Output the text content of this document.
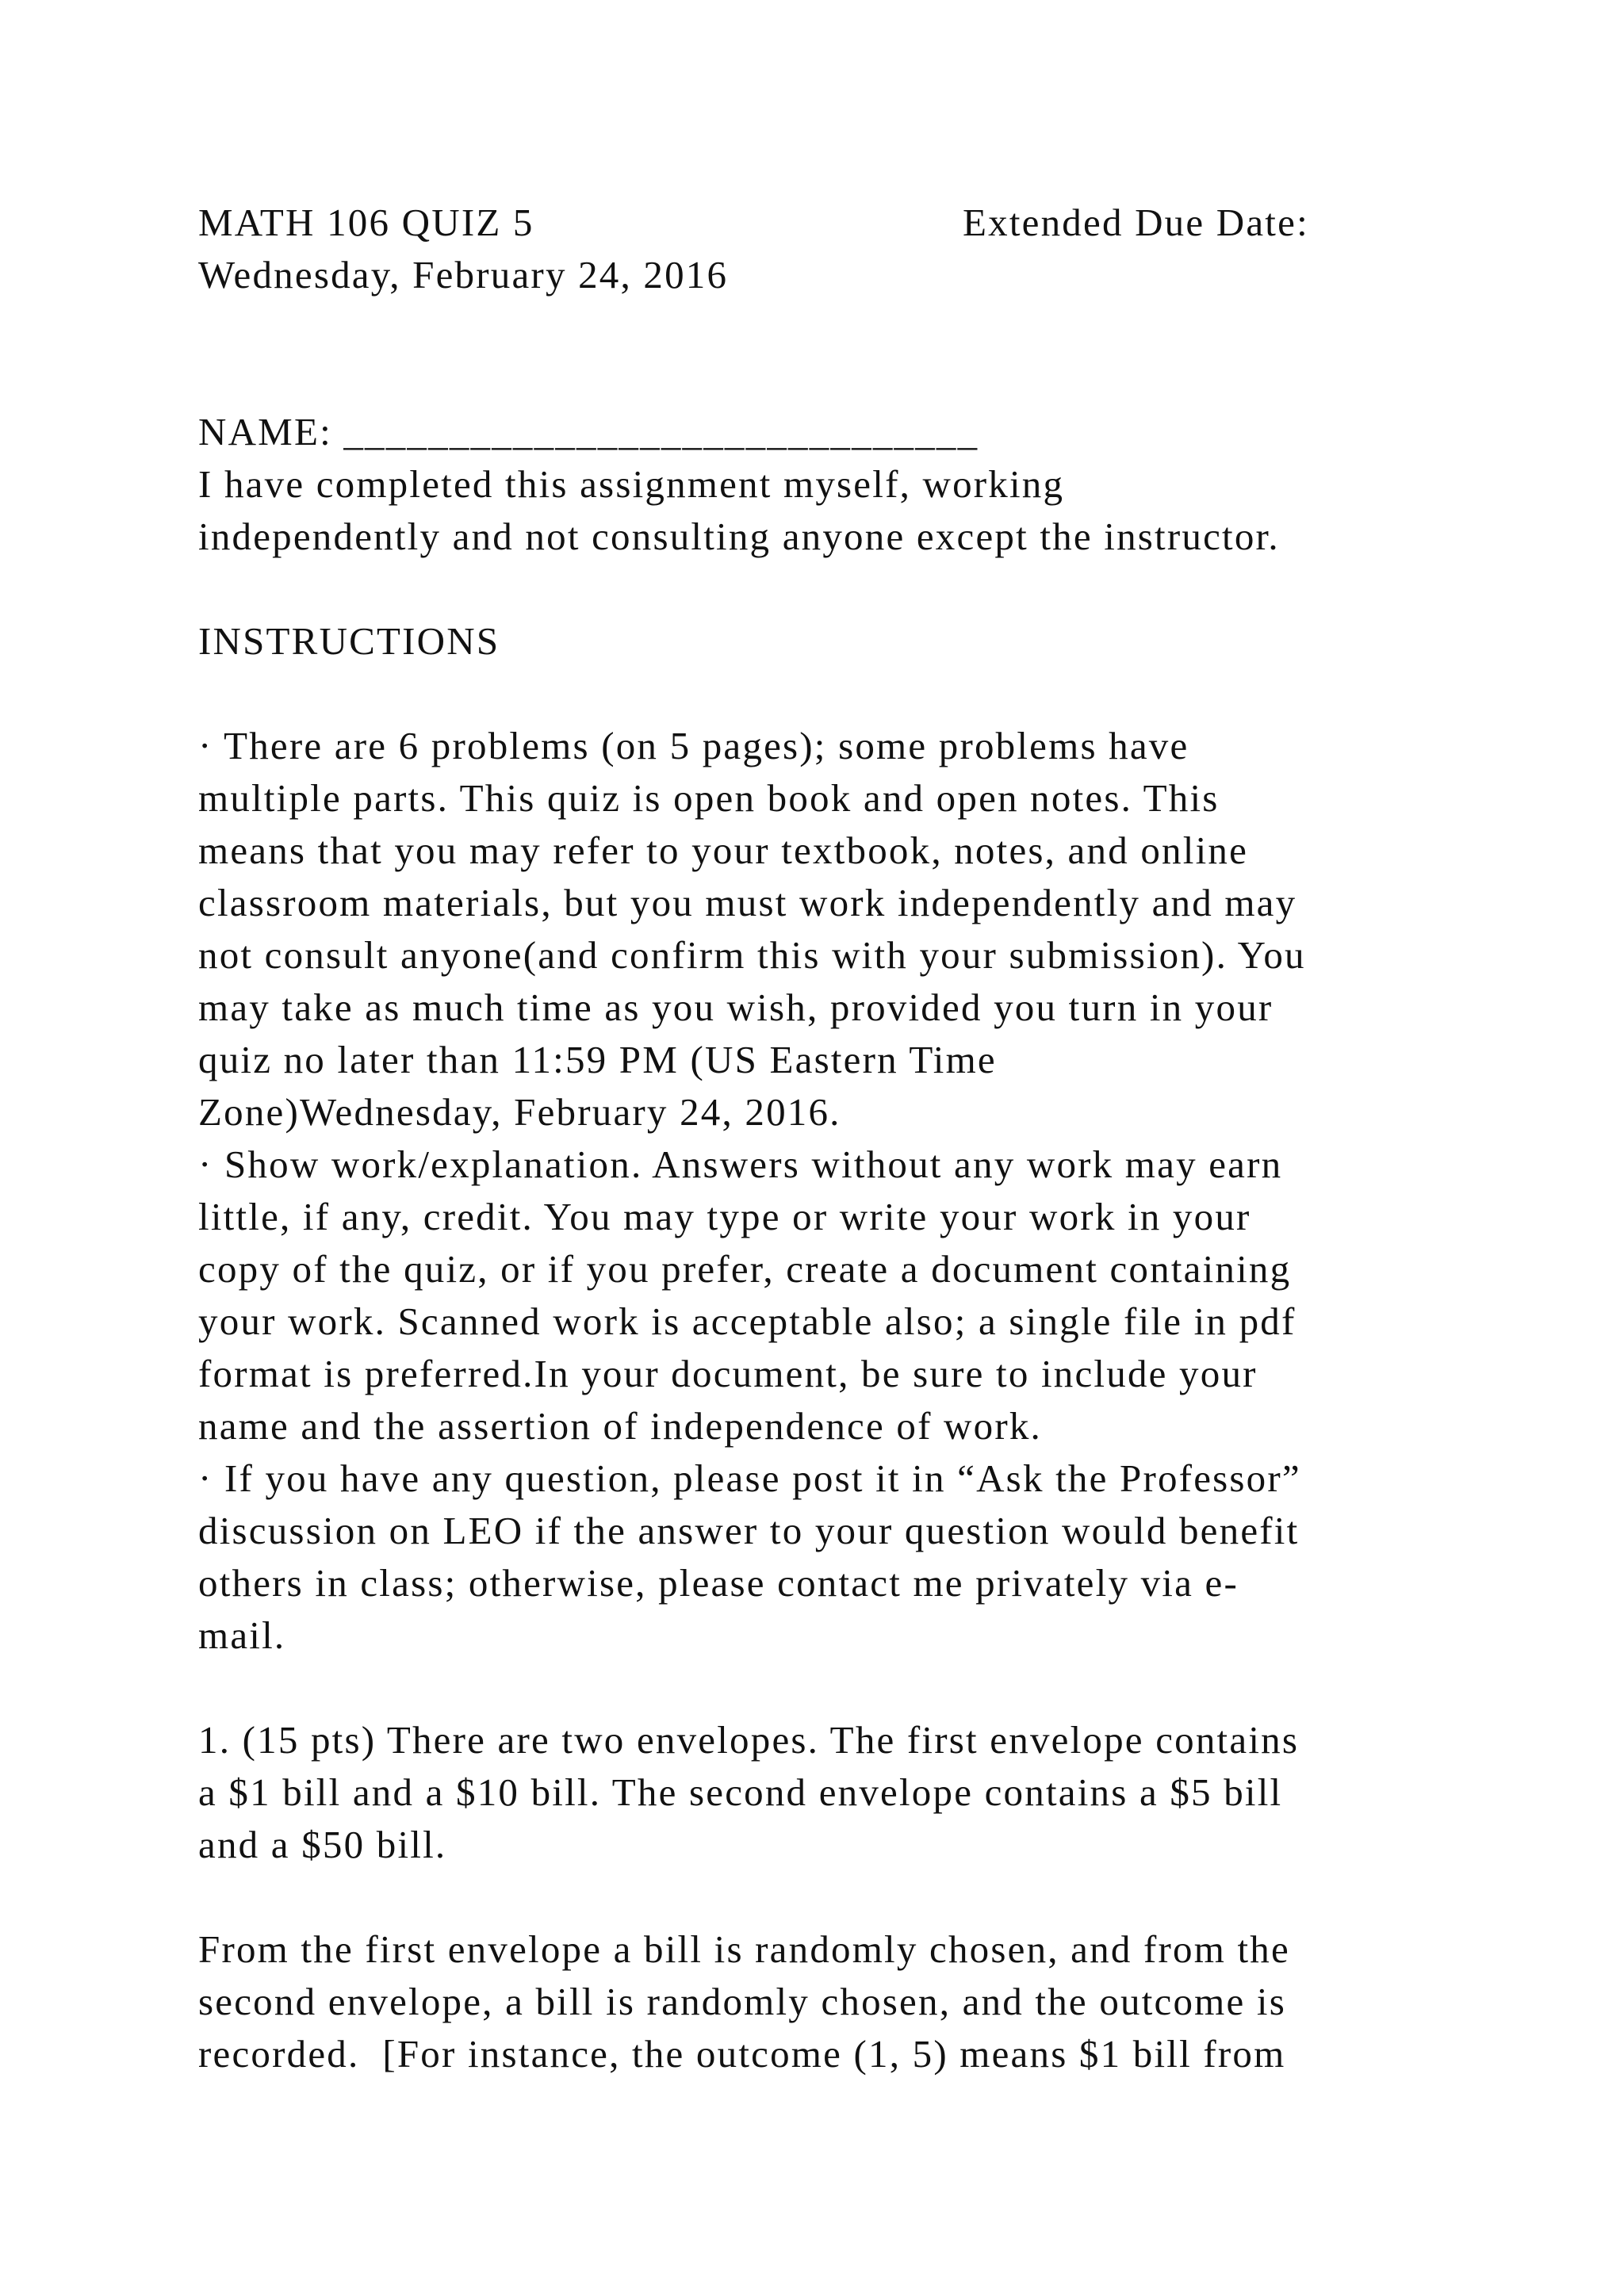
MATH 106 QUIZ 5

	Extended Due Date:

Wednesday, February 24, 2016

NAME: ______________________________

I have completed this assignment myself, working

independently and not consulting anyone except the instructor.

INSTRUCTIONS

· There are 6 problems (on 5 pages); some problems have

multiple parts. This quiz is open book and open notes. This

means that you may refer to your textbook, notes, and online

classroom materials, but you must work independently and may

not consult anyone(and confirm this with your submission). You

may take as much time as you wish, provided you turn in your

quiz no later than 11:59 PM (US Eastern Time

Zone)Wednesday, February 24, 2016.

· Show work/explanation. Answers without any work may earn

little, if any, credit. You may type or write your work in your

copy of the quiz, or if you prefer, create a document containing

your work. Scanned work is acceptable also; a single file in pdf

format is preferred.In your document, be sure to include your

name and the assertion of independence of work.

· If you have any question, please post it in “Ask the Professor”

discussion on LEO if the answer to your question would benefit

others in class; otherwise, please contact me privately via e-

mail.

1. (15 pts) There are two envelopes. The first envelope contains

a $1 bill and a $10 bill. The second envelope contains a $5 bill

and a $50 bill.

From the first envelope a bill is randomly chosen, and from the

second envelope, a bill is randomly chosen, and the outcome is

recorded.  [For instance, the outcome (1, 5) means $1 bill from
